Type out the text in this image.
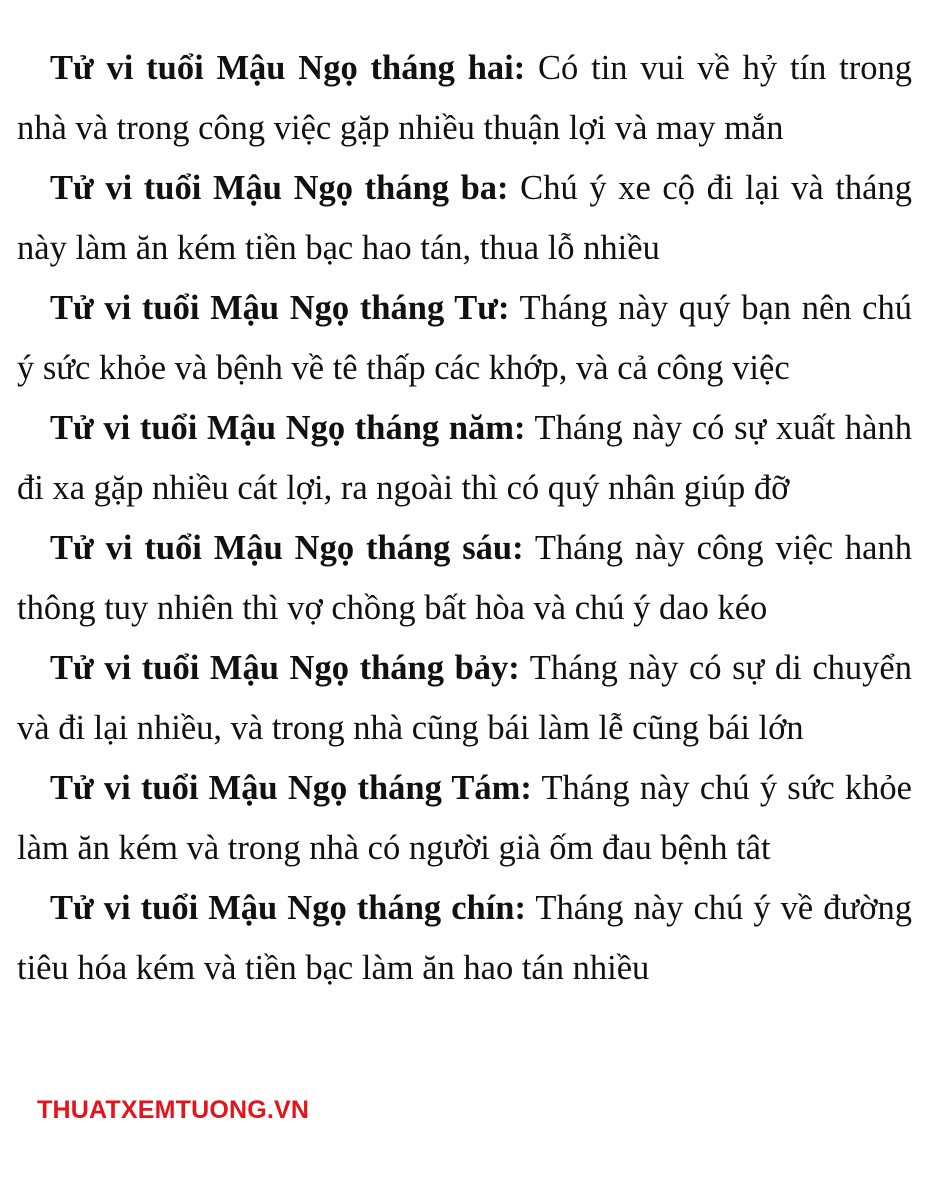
Tử vi tuổi Mậu Ngọ tháng hai: Có tin vui về hỷ tín trong nhà và trong công việc gặp nhiều thuận lợi và may mắn

Tử vi tuổi Mậu Ngọ tháng ba: Chú ý xe cộ đi lại và tháng này làm ăn kém tiền bạc hao tán, thua lỗ nhiều

Tử vi tuổi Mậu Ngọ tháng Tư: Tháng này quý bạn nên chú ý sức khỏe và bệnh về tê thấp các khớp, và cả công việc

Tử vi tuổi Mậu Ngọ tháng năm: Tháng này có sự xuất hành đi xa gặp nhiều cát lợi, ra ngoài thì có quý nhân giúp đỡ

Tử vi tuổi Mậu Ngọ tháng sáu: Tháng này công việc hanh thông tuy nhiên thì vợ chồng bất hòa và chú ý dao kéo

Tử vi tuổi Mậu Ngọ tháng bảy: Tháng này có sự di chuyển và đi lại nhiều, và trong nhà cũng bái làm lễ cũng bái lớn

Tử vi tuổi Mậu Ngọ tháng Tám: Tháng này chú ý sức khỏe làm ăn kém và trong nhà có người già ốm đau bệnh tât

Tử vi tuổi Mậu Ngọ tháng chín: Tháng này chú ý về đường tiêu hóa kém và tiền bạc làm ăn hao tán nhiều

THUATXEMTUONG.VN
